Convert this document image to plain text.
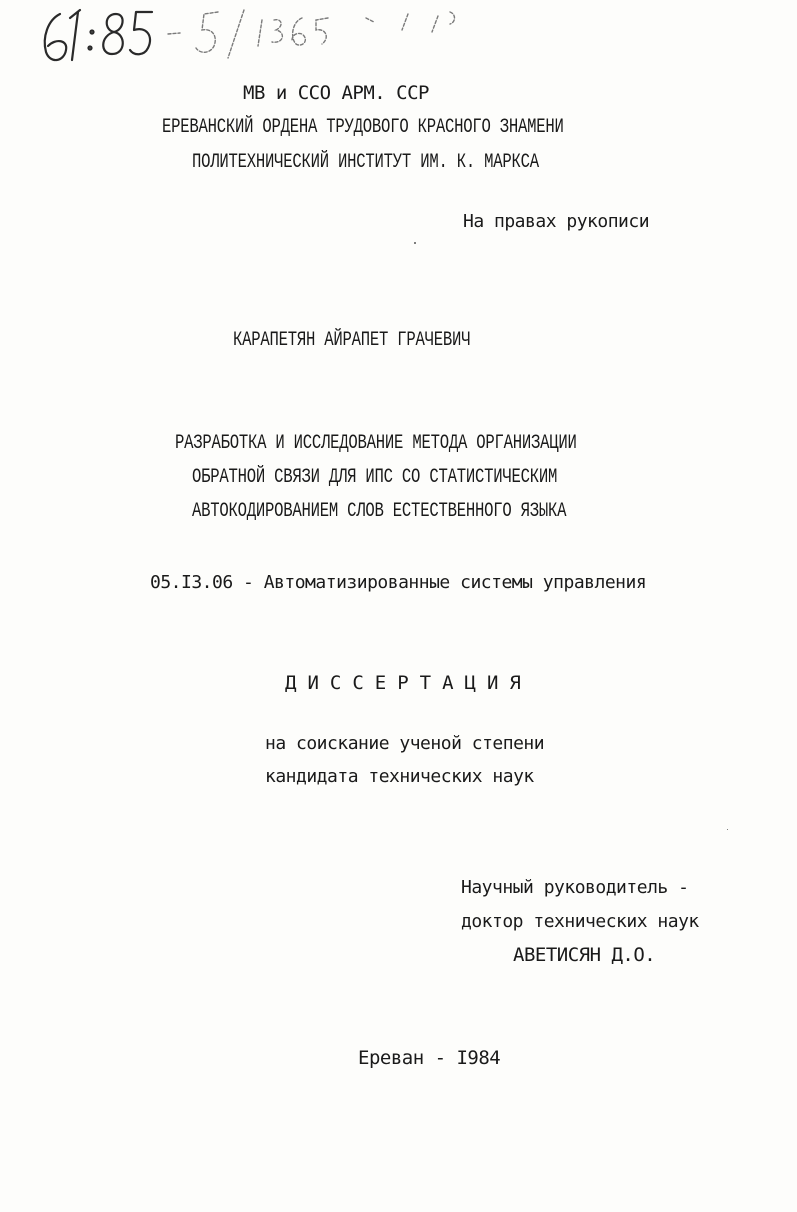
МВ и ССО АРМ. ССР
ЕРЕВАНСКИЙ ОРДЕНА ТРУДОВОГО КРАСНОГО ЗНАМЕНИ
ПОЛИТЕХНИЧЕСКИЙ ИНСТИТУТ ИМ. К. МАРКСА
На правах рукописи
КАРАПЕТЯН АЙРАПЕТ ГРАЧЕВИЧ
РАЗРАБОТКА И ИССЛЕДОВАНИЕ МЕТОДА ОРГАНИЗАЦИИ
ОБРАТНОЙ СВЯЗИ ДЛЯ ИПС СО СТАТИСТИЧЕСКИМ
АВТОКОДИРОВАНИЕМ СЛОВ ЕСТЕСТВЕННОГО ЯЗЫКА
05.I3.06 - Автоматизированные системы управления
ДИССЕРТАЦИЯ
на соискание ученой степени
кандидата технических наук
Научный руководитель -
доктор технических наук
АВЕТИСЯН Д.О.
Ереван - I984
